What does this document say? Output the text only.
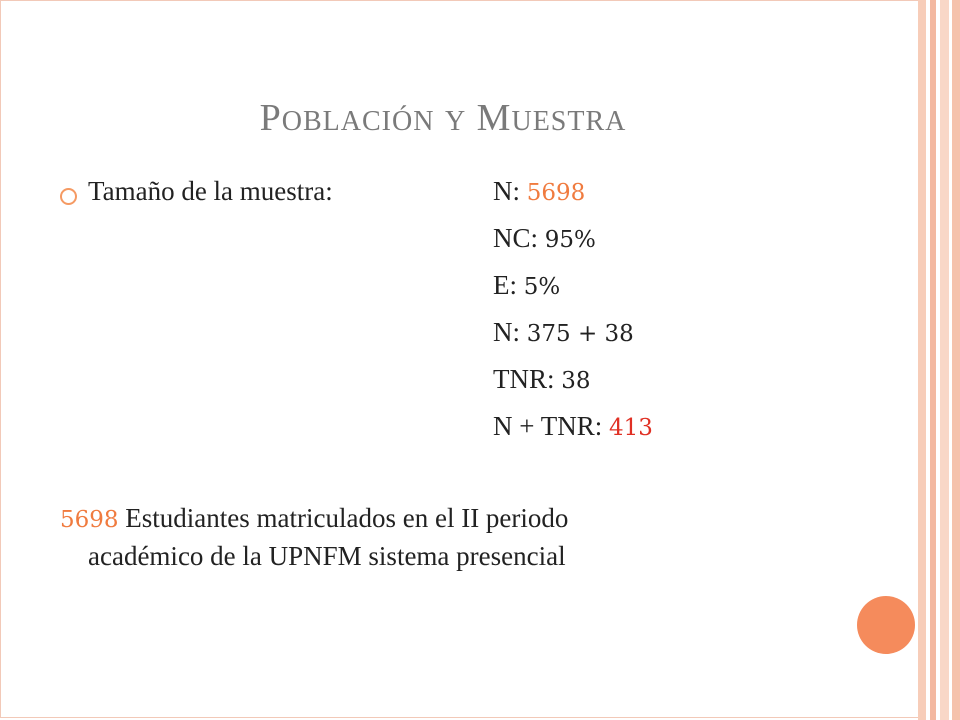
POBLACIÓN Y MUESTRA
Tamaño de la muestra:	N: 5698
NC: 95%
E: 5%
N: 375 + 38
TNR: 38
N + TNR: 413
5698 Estudiantes matriculados en el II periodo
académico de la UPNFM sistema presencial
